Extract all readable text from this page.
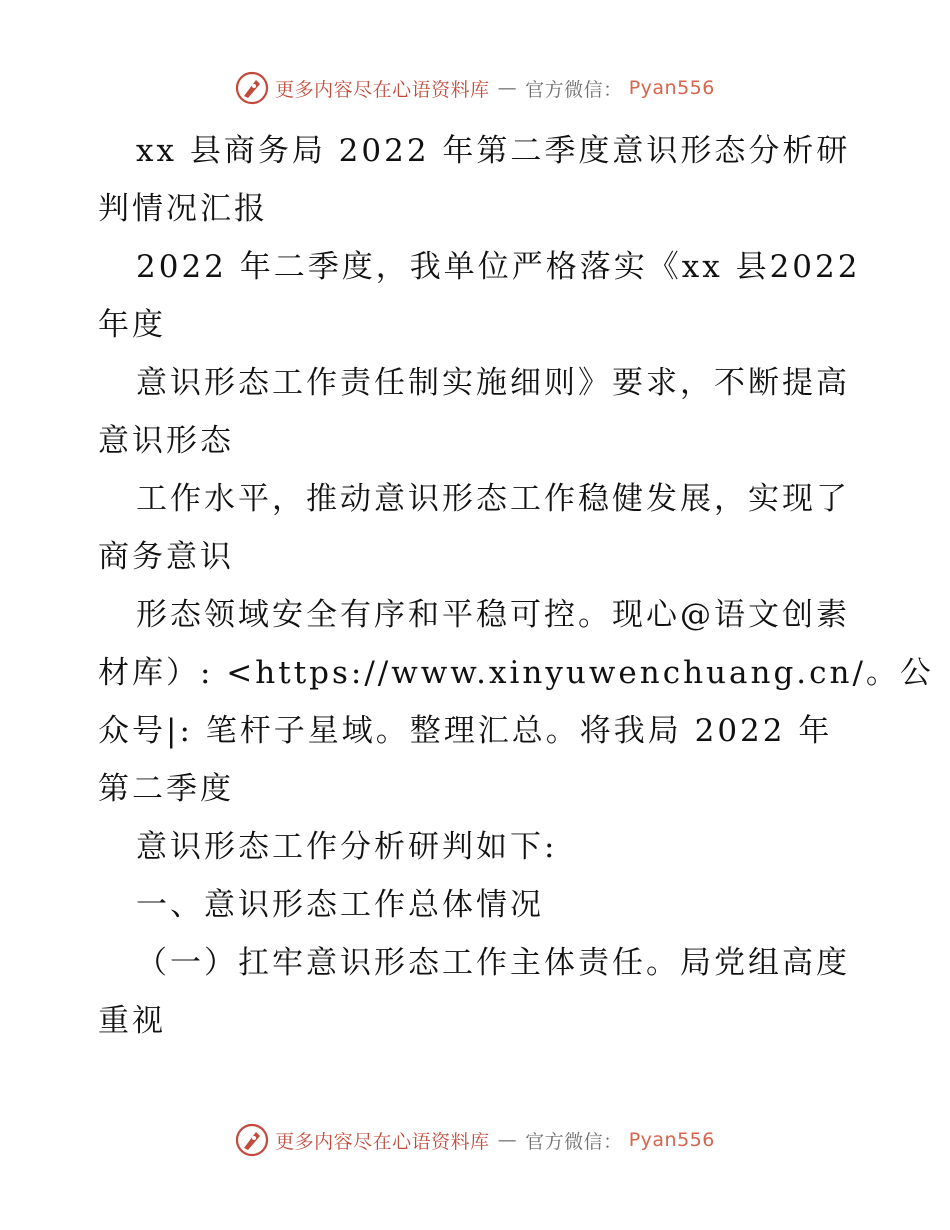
更多内容尽在心语资料库 — 官方微信： Pyan556
xx 县商务局 2022 年第二季度意识形态分析研
判情况汇报
2022 年二季度，我单位严格落实《xx 县2022
年度
意识形态工作责任制实施细则》要求，不断提高
意识形态
工作水平，推动意识形态工作稳健发展，实现了
商务意识
形态领域安全有序和平稳可控。现心@语文创素
材库）: <https://www.xinyuwenchuang.cn/。公
众号|: 笔杆子星域。整理汇总。将我局 2022 年
第二季度
意识形态工作分析研判如下:
一、意识形态工作总体情况
（一）扛牢意识形态工作主体责任。局党组高度
重视
更多内容尽在心语资料库 — 官方微信： Pyan556
